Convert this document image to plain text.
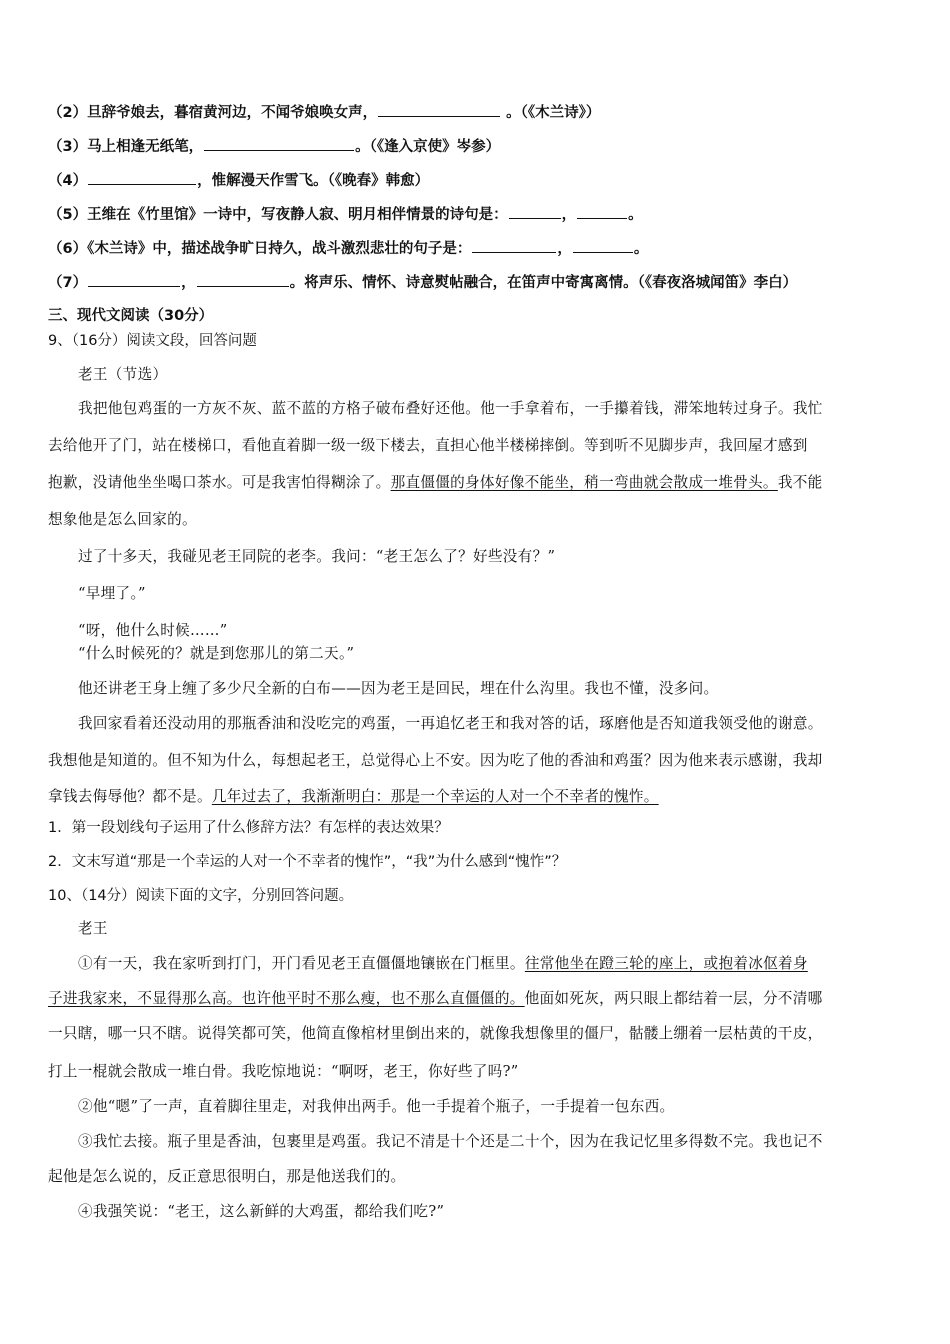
（2）旦辞爷娘去，暮宿黄河边，不闻爷娘唤女声，	。（《木兰诗》）
（3）马上相逢无纸笔，	。（《逢入京使》岑参）
（4）	，惟解漫天作雪飞。（《晚春》韩愈）
（5）王维在《竹里馆》一诗中，写夜静人寂、明月相伴情景的诗句是：	，	。
（6）《木兰诗》中，描述战争旷日持久，战斗激烈悲壮的句子是：	，	。
（7）	，	。将声乐、情怀、诗意熨帖融合，在笛声中寄寓离情。（《春夜洛城闻笛》李白）
三、现代文阅读（30分）
9、（16分）阅读文段，回答问题
老王（节选）
我把他包鸡蛋的一方灰不灰、蓝不蓝的方格子破布叠好还他。他一手拿着布，一手攥着钱，滞笨地转过身子。我忙
去给他开了门，站在楼梯口，看他直着脚一级一级下楼去，直担心他半楼梯摔倒。等到听不见脚步声，我回屋才感到
抱歉，没请他坐坐喝口茶水。可是我害怕得糊涂了。那直僵僵的身体好像不能坐，稍一弯曲就会散成一堆骨头。我不能
想象他是怎么回家的。
过了十多天，我碰见老王同院的老李。我问：“老王怎么了？好些没有？”
“早埋了。”
“呀，他什么时候……”
“什么时候死的？就是到您那儿的第二天。”
他还讲老王身上缠了多少尺全新的白布——因为老王是回民，埋在什么沟里。我也不懂，没多问。
我回家看着还没动用的那瓶香油和没吃完的鸡蛋，一再追忆老王和我对答的话，琢磨他是否知道我领受他的谢意。
我想他是知道的。但不知为什么，每想起老王，总觉得心上不安。因为吃了他的香油和鸡蛋？因为他来表示感谢，我却
拿钱去侮辱他？都不是。几年过去了，我渐渐明白：那是一个幸运的人对一个不幸者的愧怍。
1．第一段划线句子运用了什么修辞方法？有怎样的表达效果？
2．文末写道“那是一个幸运的人对一个不幸者的愧怍”，“我”为什么感到“愧怍”？
10、（14分）阅读下面的文字，分别回答问题。
老王
①有一天，我在家听到打门，开门看见老王直僵僵地镶嵌在门框里。往常他坐在蹬三轮的座上，或抱着冰伛着身
子进我家来，不显得那么高。也许他平时不那么瘦，也不那么直僵僵的。他面如死灰，两只眼上都结着一层，分不清哪
一只瞎，哪一只不瞎。说得笑都可笑，他简直像棺材里倒出来的，就像我想像里的僵尸，骷髅上绷着一层枯黄的干皮，
打上一棍就会散成一堆白骨。我吃惊地说：“啊呀，老王，你好些了吗?”
②他“嗯”了一声，直着脚往里走，对我伸出两手。他一手提着个瓶子，一手提着一包东西。
③我忙去接。瓶子里是香油，包裹里是鸡蛋。我记不清是十个还是二十个，因为在我记忆里多得数不完。我也记不
起他是怎么说的，反正意思很明白，那是他送我们的。
④我强笑说：“老王，这么新鲜的大鸡蛋，都给我们吃?”
